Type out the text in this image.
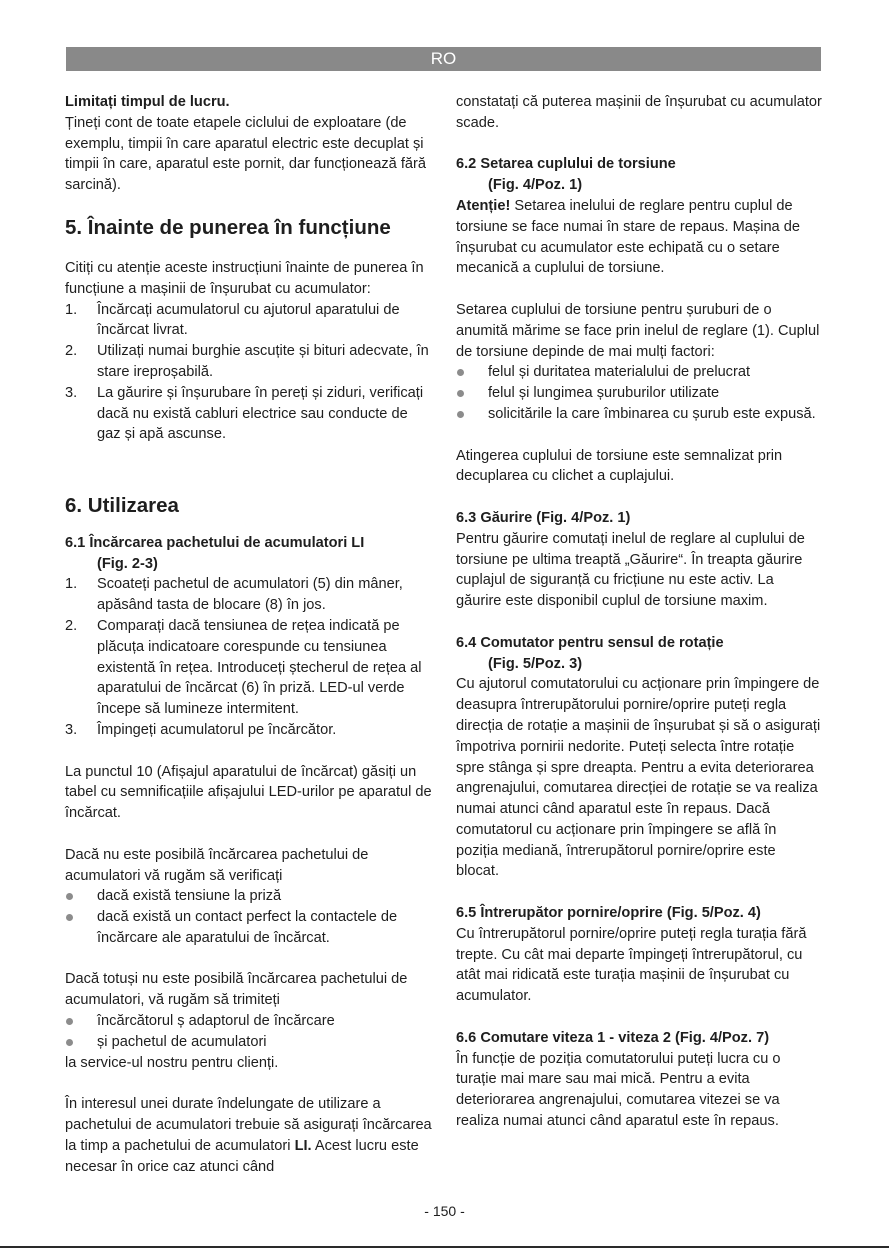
RO

Limitați timpul de lucru.

Țineți cont de toate etapele ciclului de exploatare (de exemplu, timpii în care aparatul electric este decuplat și timpii în care, aparatul este pornit, dar funcționează fără sarcină).

5. Înainte de punerea în funcțiune

Citiți cu atenție aceste instrucțiuni înainte de punerea în funcțiune a mașinii de înșurubat cu acumulator:

1. Încărcați acumulatorul cu ajutorul aparatului de încărcat livrat.
2. Utilizați numai burghie ascuțite și bituri adecvate, în stare ireproșabilă.
3. La găurire și înșurubare în pereți și ziduri, verificați dacă nu există cabluri electrice sau conducte de gaz și apă ascunse.
6. Utilizarea
6.1 Încărcarea pachetului de acumulatori LI
(Fig. 2-3)
1. Scoateți pachetul de acumulatori (5) din mâner, apăsând tasta de blocare (8) în jos.
2. Comparați dacă tensiunea de rețea indicată pe plăcuța indicatoare corespunde cu tensiunea existentă în rețea. Introduceți ștecherul de rețea al aparatului de încărcat (6) în priză. LED-ul verde începe să lumineze intermitent.
3. Împingeți acumulatorul pe încărcător.

La punctul 10 (Afișajul aparatului de încărcat) găsiți un tabel cu semnificațiile afișajului LED-urilor pe aparatul de încărcat.

Dacă nu este posibilă încărcarea pachetului de acumulatori vă rugăm să verificați

dacă există tensiune la priză
dacă există un contact perfect la contactele de încărcare ale aparatului de încărcat.

Dacă totuși nu este posibilă încărcarea pachetului de acumulatori, vă rugăm să trimiteți

încărcătorul ș adaptorul de încărcare
și pachetul de acumulatori

la service-ul nostru pentru clienți.

În interesul unei durate îndelungate de utilizare a pachetului de acumulatori trebuie să asigurați încărcarea la timp a pachetului de acumulatori LI. Acest lucru este necesar în orice caz atunci când

constatați că puterea mașinii de înșurubat cu acumulator scade.

6.2 Setarea cuplului de torsiune
(Fig. 4/Poz. 1)

Atenție! Setarea inelului de reglare pentru cuplul de torsiune se face numai în stare de repaus. Mașina de înșurubat cu acumulator este echipată cu o setare mecanică a cuplului de torsiune.

Setarea cuplului de torsiune pentru șuruburi de o anumită mărime se face prin inelul de reglare (1). Cuplul de torsiune depinde de mai mulți factori:

felul și duritatea materialului de prelucrat
felul și lungimea șuruburilor utilizate
solicitările la care îmbinarea cu șurub este expusă.

Atingerea cuplului de torsiune este semnalizat prin decuplarea cu clichet a cuplajului.

6.3 Găurire (Fig. 4/Poz. 1)

Pentru găurire comutați inelul de reglare al cuplului de torsiune pe ultima treaptă „Găurire“. În treapta găurire cuplajul de siguranță cu fricțiune nu este activ. La găurire este disponibil cuplul de torsiune maxim.

6.4 Comutator pentru sensul de rotație
(Fig. 5/Poz. 3)

Cu ajutorul comutatorului cu acționare prin împingere de deasupra întrerupătorului pornire/oprire puteți regla direcția de rotație a mașinii de înșurubat și să o asigurați împotriva pornirii nedorite. Puteți selecta între rotație spre stânga și spre dreapta. Pentru a evita deteriorarea angrenajului, comutarea direcției de rotație se va realiza numai atunci când aparatul este în repaus. Dacă comutatorul cu acționare prin împingere se află în poziția mediană, întrerupătorul pornire/oprire este blocat.

6.5 Întrerupător pornire/oprire (Fig. 5/Poz. 4)

Cu întrerupătorul pornire/oprire puteți regla turația fără trepte. Cu cât mai departe împingeți întrerupătorul, cu atât mai ridicată este turația mașinii de înșurubat cu acumulator.

6.6 Comutare viteza 1 - viteza 2 (Fig. 4/Poz. 7)

În funcție de poziția comutatorului puteți lucra cu o turație mai mare sau mai mică. Pentru a evita deteriorarea angrenajului, comutarea vitezei se va realiza numai atunci când aparatul este în repaus.

- 150 -
